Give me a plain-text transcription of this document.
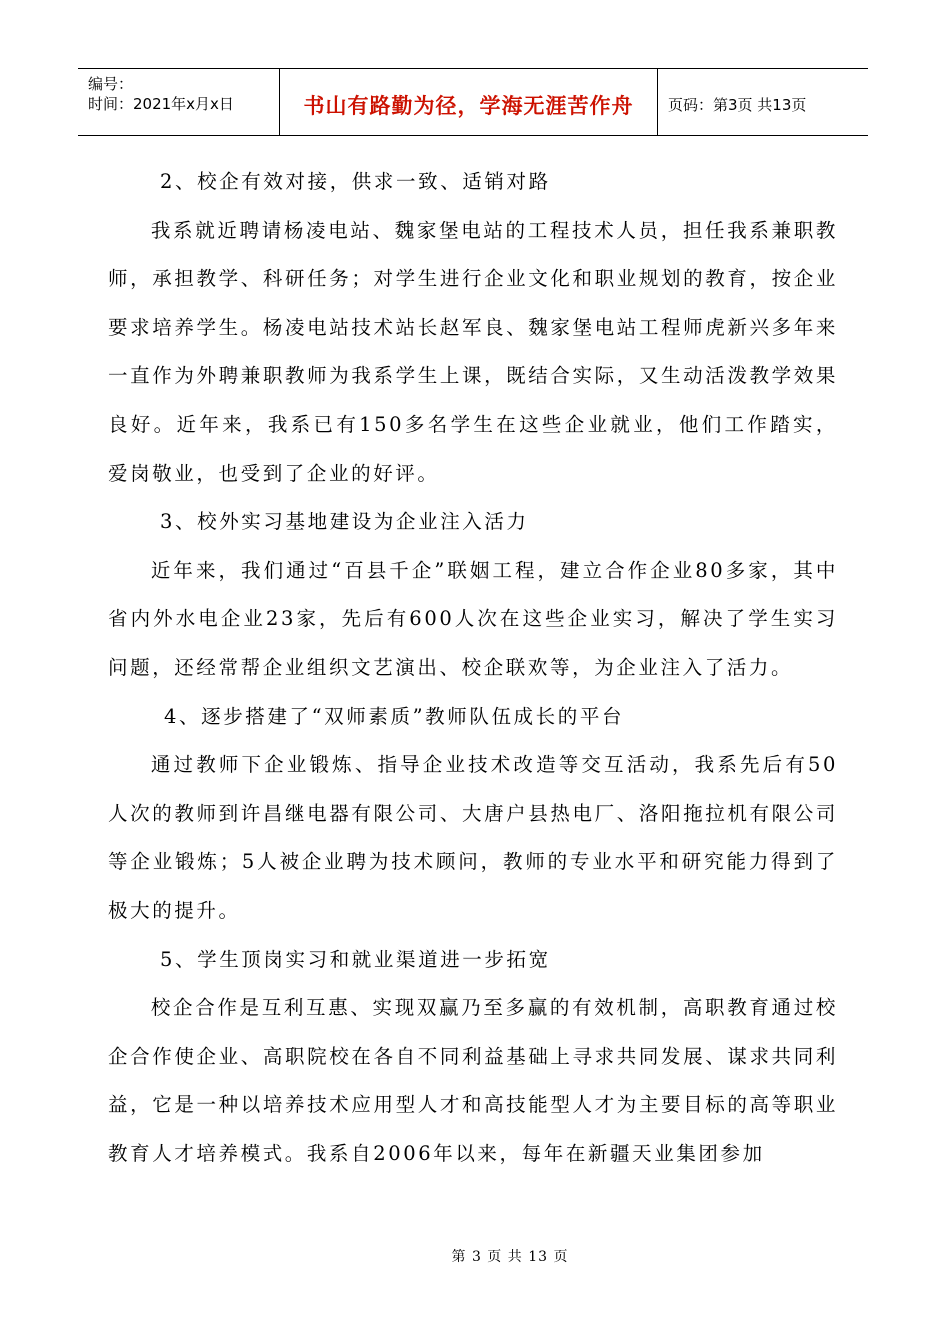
编号：
时间：2021年x月x日	书山有路勤为径，学海无涯苦作舟 页码：第3页 共13页

2、校企有效对接，供求一致、适销对路

我系就近聘请杨凌电站、魏家堡电站的工程技术人员，担任我系兼职教师，承担教学、科研任务；对学生进行企业文化和职业规划的教育，按企业要求培养学生。杨凌电站技术站长赵军良、魏家堡电站工程师虎新兴多年来一直作为外聘兼职教师为我系学生上课，既结合实际，又生动活泼教学效果良好。近年来，我系已有150多名学生在这些企业就业，他们工作踏实，爱岗敬业，也受到了企业的好评。

3、校外实习基地建设为企业注入活力

近年来，我们通过“百县千企”联姻工程，建立合作企业80多家，其中省内外水电企业23家，先后有600人次在这些企业实习，解决了学生实习问题，还经常帮企业组织文艺演出、校企联欢等，为企业注入了活力。

4、逐步搭建了“双师素质”教师队伍成长的平台

通过教师下企业锻炼、指导企业技术改造等交互活动，我系先后有50人次的教师到许昌继电器有限公司、大唐户县热电厂、洛阳拖拉机有限公司等企业锻炼；5人被企业聘为技术顾问，教师的专业水平和研究能力得到了极大的提升。

5、学生顶岗实习和就业渠道进一步拓宽

校企合作是互利互惠、实现双赢乃至多赢的有效机制，高职教育通过校企合作使企业、高职院校在各自不同利益基础上寻求共同发展、谋求共同利益，它是一种以培养技术应用型人才和高技能型人才为主要目标的高等职业教育人才培养模式。我系自2006年以来，每年在新疆天业集团参加

第 3 页 共 13 页
